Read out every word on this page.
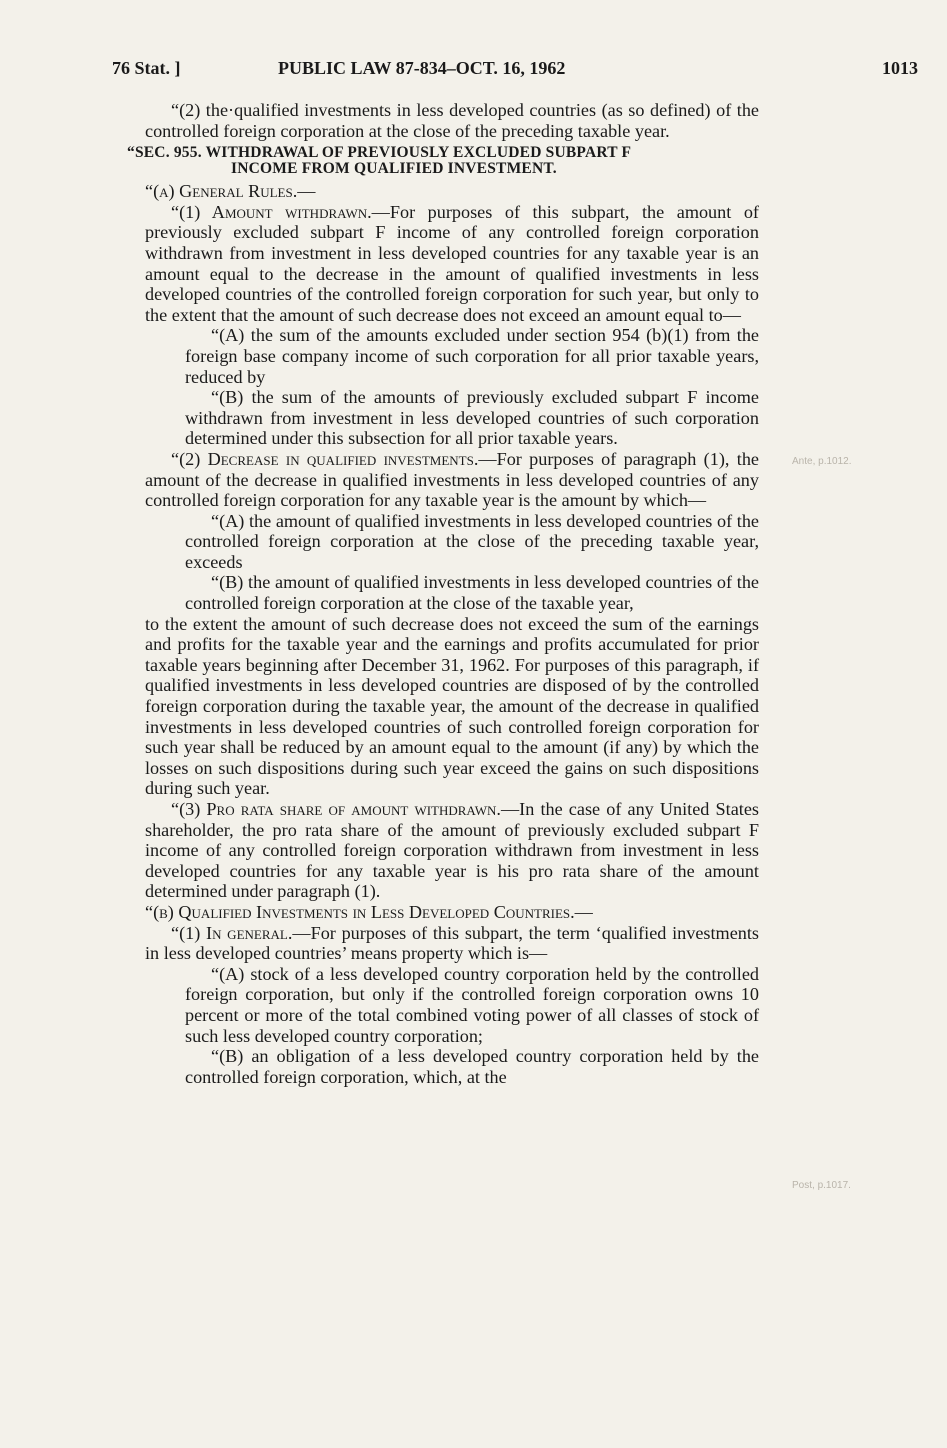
76 Stat. ]	PUBLIC LAW 87-834–OCT. 16, 1962	1013
Ante, p.1012.
Post, p.1017.

“(2) the·qualified investments in less developed countries (as so defined) of the controlled foreign corporation at the close of the preceding taxable year.

“SEC. 955. WITHDRAWAL OF PREVIOUSLY EXCLUDED SUBPART F
INCOME FROM QUALIFIED INVESTMENT.

“(a) General Rules.—

“(1) Amount withdrawn.—For purposes of this subpart, the amount of previously excluded subpart F income of any controlled foreign corporation withdrawn from investment in less developed countries for any taxable year is an amount equal to the decrease in the amount of qualified investments in less developed countries of the controlled foreign corporation for such year, but only to the extent that the amount of such decrease does not exceed an amount equal to—

“(A) the sum of the amounts excluded under section 954 (b)(1) from the foreign base company income of such corporation for all prior taxable years, reduced by

“(B) the sum of the amounts of previously excluded subpart F income withdrawn from investment in less developed countries of such corporation determined under this subsection for all prior taxable years.

“(2) Decrease in qualified investments.—For purposes of paragraph (1), the amount of the decrease in qualified investments in less developed countries of any controlled foreign corporation for any taxable year is the amount by which—

“(A) the amount of qualified investments in less developed countries of the controlled foreign corporation at the close of the preceding taxable year, exceeds

“(B) the amount of qualified investments in less developed countries of the controlled foreign corporation at the close of the taxable year,

to the extent the amount of such decrease does not exceed the sum of the earnings and profits for the taxable year and the earnings and profits accumulated for prior taxable years beginning after December 31, 1962. For purposes of this paragraph, if qualified investments in less developed countries are disposed of by the controlled foreign corporation during the taxable year, the amount of the decrease in qualified investments in less developed countries of such controlled foreign corporation for such year shall be reduced by an amount equal to the amount (if any) by which the losses on such dispositions during such year exceed the gains on such dispositions during such year.

“(3) Pro rata share of amount withdrawn.—In the case of any United States shareholder, the pro rata share of the amount of previously excluded subpart F income of any controlled foreign corporation withdrawn from investment in less developed countries for any taxable year is his pro rata share of the amount determined under paragraph (1).

“(b) Qualified Investments in Less Developed Countries.—

“(1) In general.—For purposes of this subpart, the term ‘qualified investments in less developed countries’ means property which is—

“(A) stock of a less developed country corporation held by the controlled foreign corporation, but only if the controlled foreign corporation owns 10 percent or more of the total combined voting power of all classes of stock of such less developed country corporation;

“(B) an obligation of a less developed country corporation held by the controlled foreign corporation, which, at the
